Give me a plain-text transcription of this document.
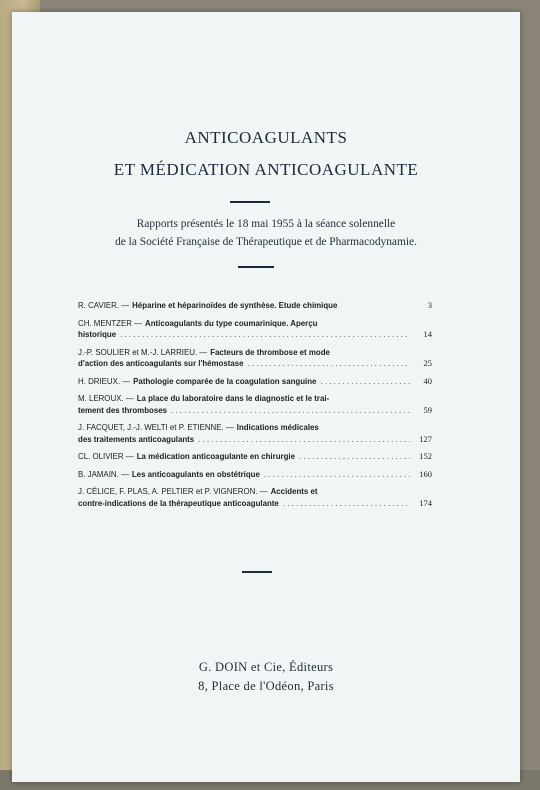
ANTICOAGULANTS
ET MÉDICATION ANTICOAGULANTE
Rapports présentés le 18 mai 1955 à la séance solennelle
de la Société Française de Thérapeutique et de Pharmacodynamie.
R. CAVIER. — Héparine et héparinoïdes de synthèse. Etude chimique	3
CH. MENTZER — Anticoagulants du type coumarinique. Aperçu
historique . . .	14
J.-P. SOULIER et M.-J. LARRIEU. — Facteurs de thrombose et mode
d'action des anticoagulants sur l'hémostase . . .	25
H. DRIEUX. — Pathologie comparée de la coagulation sanguine . . .	40
M. LEROUX. — La place du laboratoire dans le diagnostic et le trai-
tement des thromboses . . .	59
J. FACQUET, J.-J. WELTI et P. ETIENNE. — Indications médicales
des traitements anticoagulants . . .	127
CL. OLIVIER — La médication anticoagulante en chirurgie . . .	152
B. JAMAIN. — Les anticoagulants en obstétrique . . .	160
J. CÉLICE, F. PLAS, A. PELTIER et P. VIGNERON. — Accidents et
contre-indications de la thérapeutique anticoagulante . . .	174
G. DOIN et Cie, Éditeurs
8, Place de l'Odéon, Paris
